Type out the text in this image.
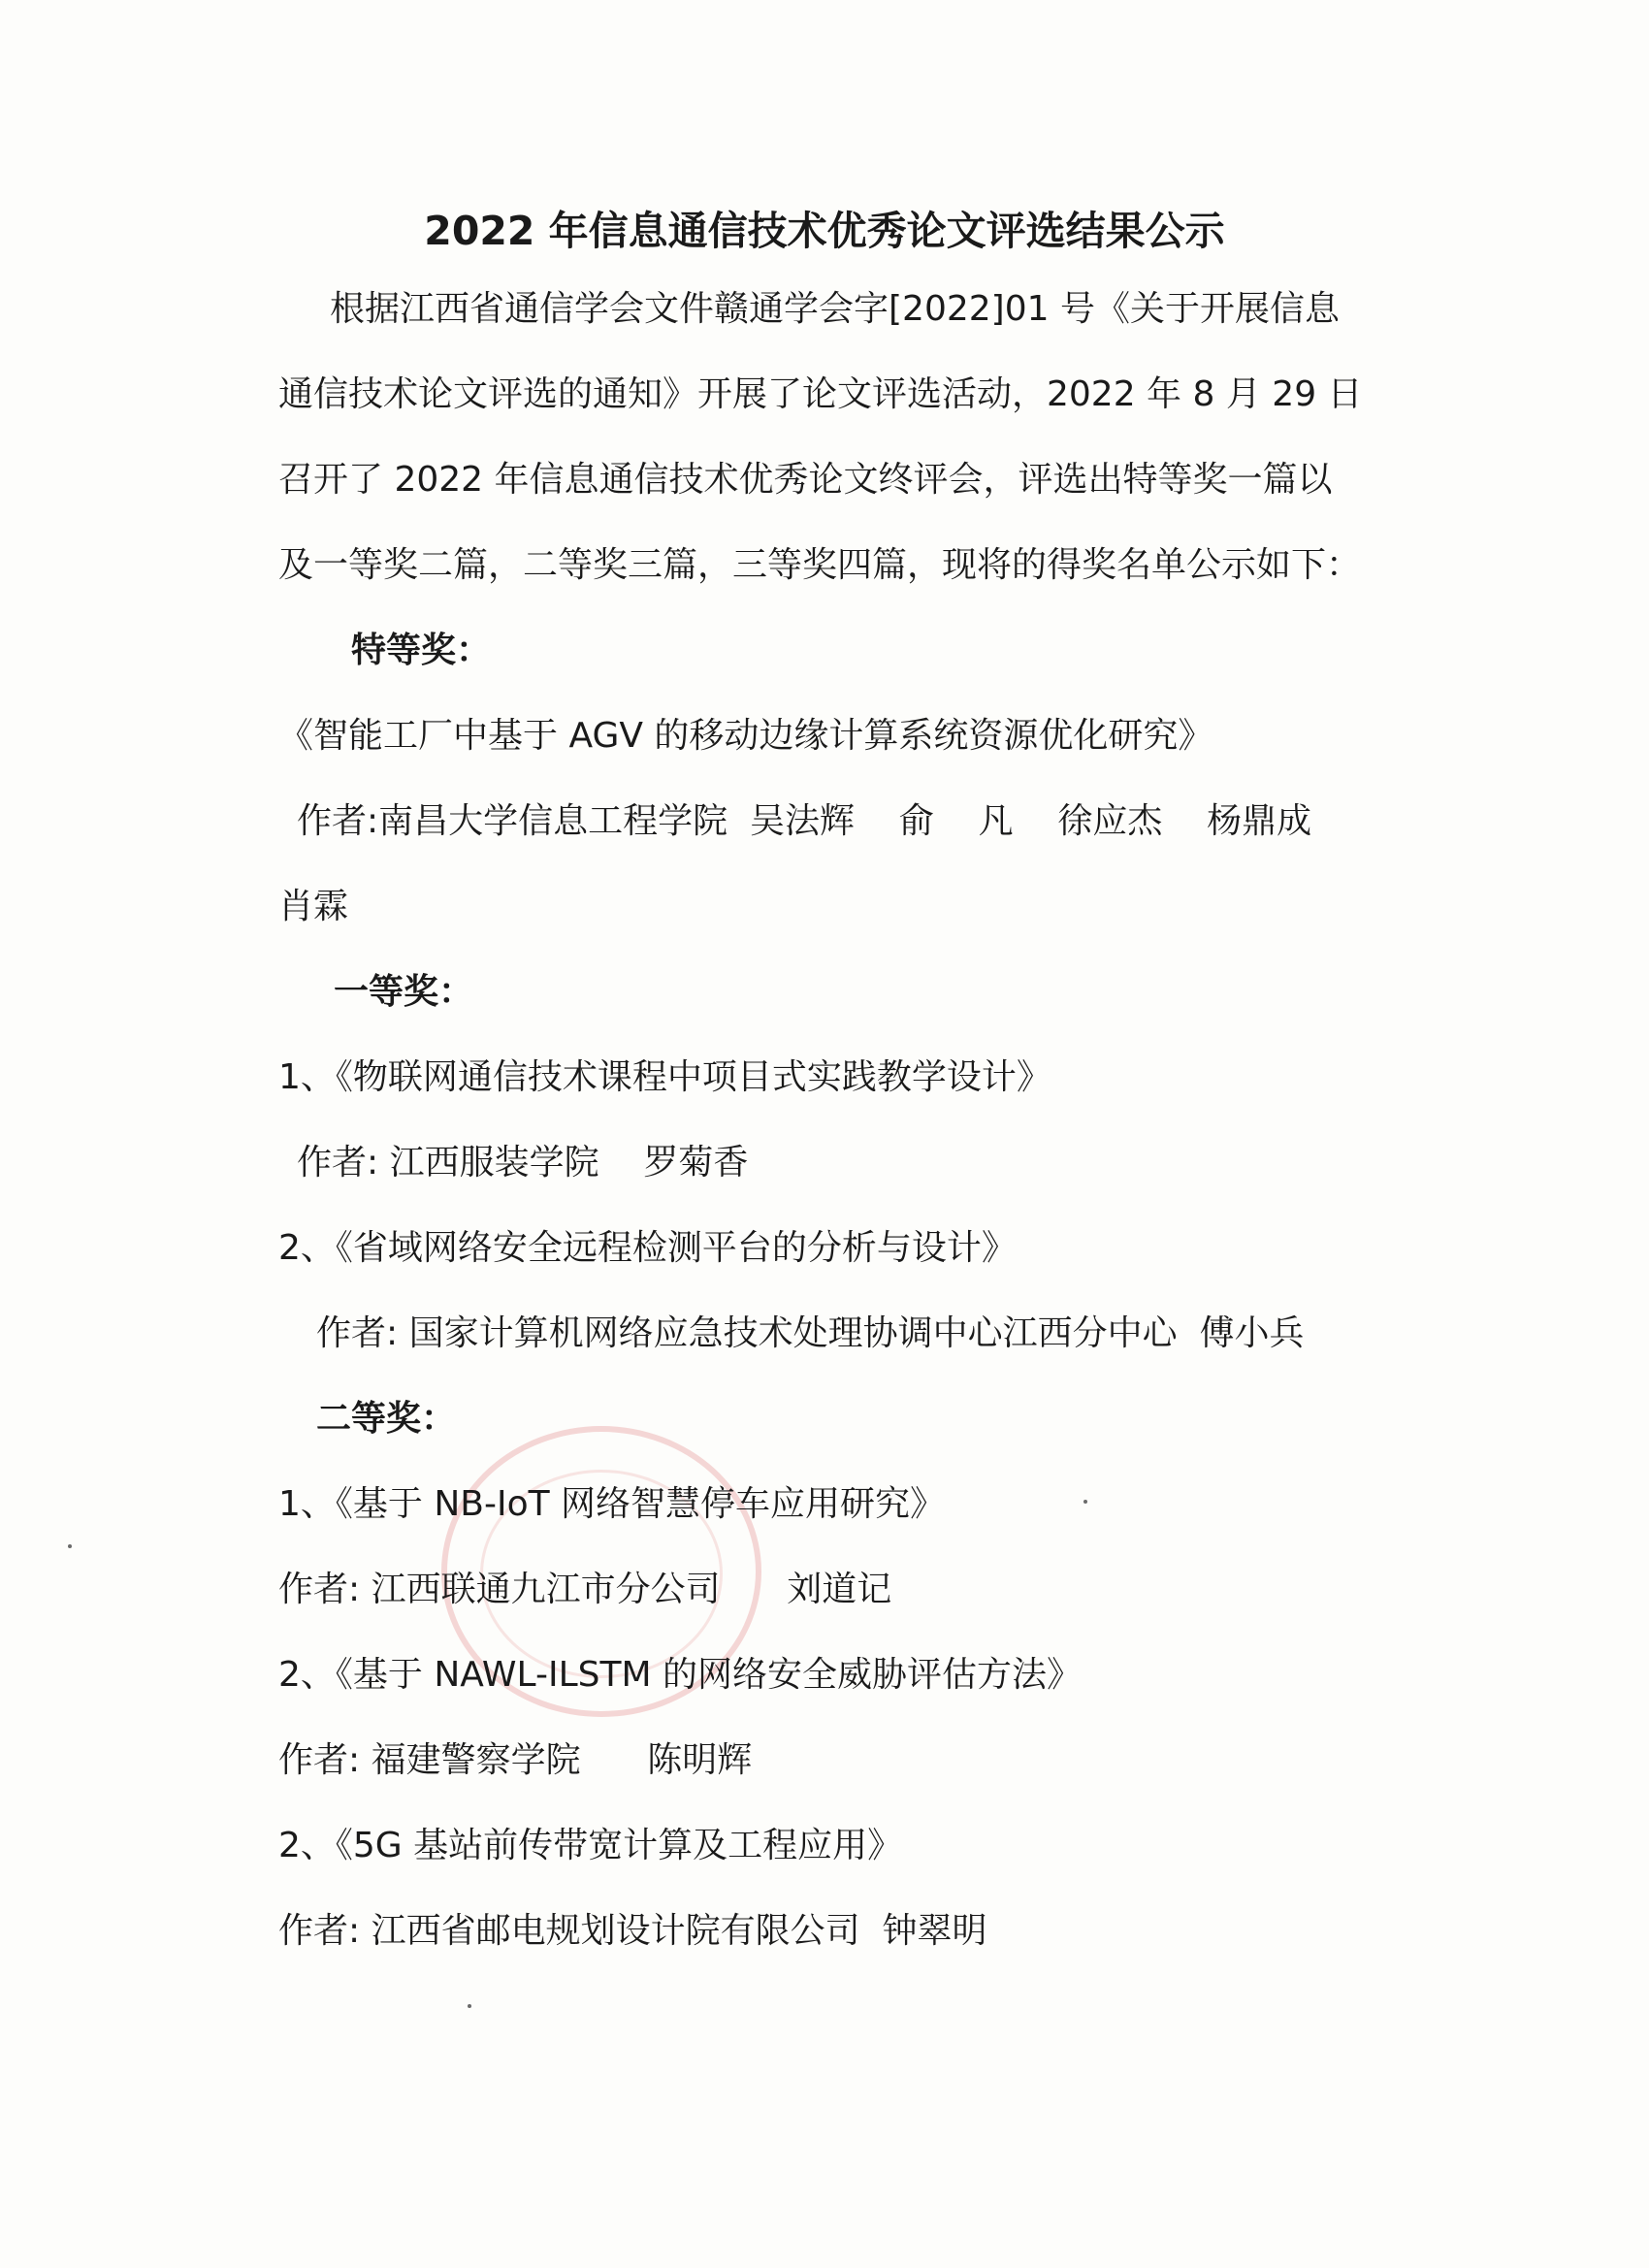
2022 年信息通信技术优秀论文评选结果公示
根据江西省通信学会文件赣通学会字[2022]01 号《关于开展信息
通信技术论文评选的通知》开展了论文评选活动，2022 年 8 月 29 日
召开了 2022 年信息通信技术优秀论文终评会，评选出特等奖一篇以
及一等奖二篇，二等奖三篇，三等奖四篇，现将的得奖名单公示如下：
特等奖：
《智能工厂中基于 AGV 的移动边缘计算系统资源优化研究》
作者:南昌大学信息工程学院  吴法辉    俞    凡    徐应杰    杨鼎成
肖霖
一等奖：
1、《物联网通信技术课程中项目式实践教学设计》
作者: 江西服装学院    罗菊香
2、《省域网络安全远程检测平台的分析与设计》
作者: 国家计算机网络应急技术处理协调中心江西分中心  傅小兵
二等奖：
1、《基于 NB-IoT 网络智慧停车应用研究》
作者: 江西联通九江市分公司      刘道记
2、《基于 NAWL-ILSTM 的网络安全威胁评估方法》
作者: 福建警察学院      陈明辉
2、《5G 基站前传带宽计算及工程应用》
作者: 江西省邮电规划设计院有限公司  钟翠明
